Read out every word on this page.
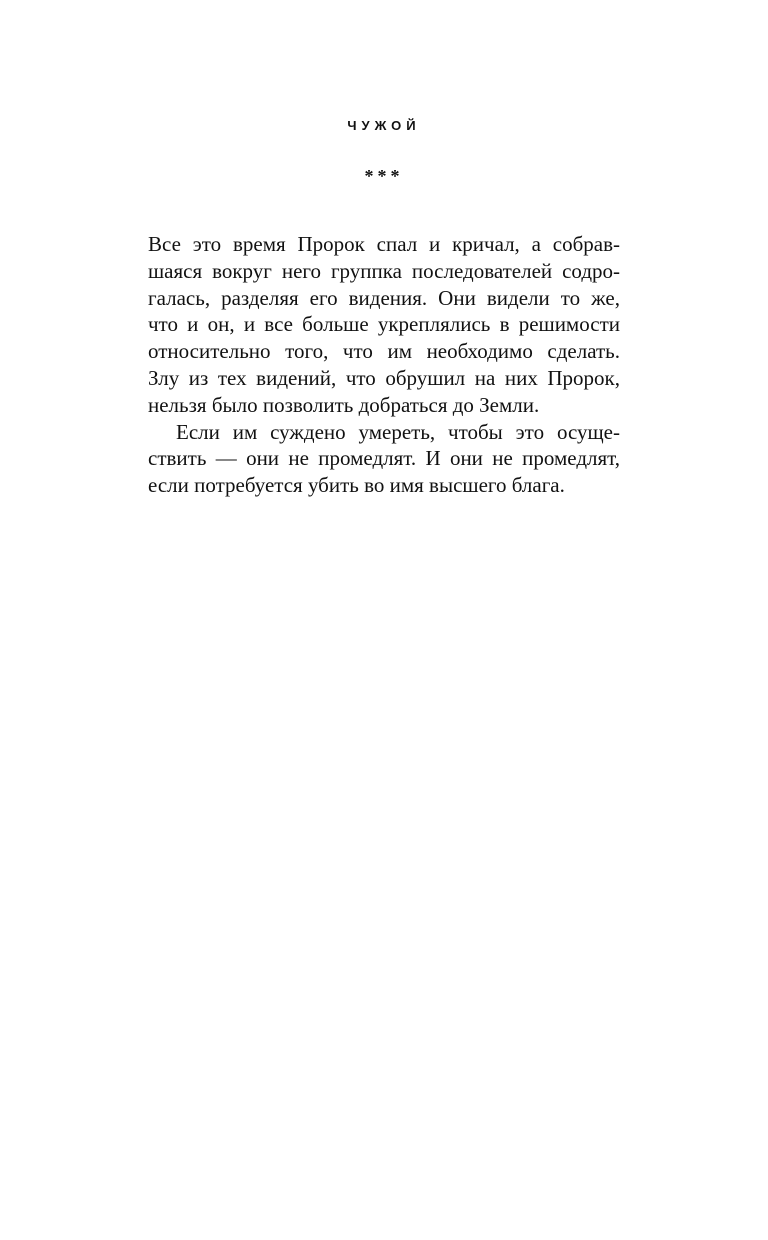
ЧУЖОЙ
***
Все это время Пророк спал и кричал, а собрав-
шаяся вокруг него группка последователей содро-
галась, разделяя его видения. Они видели то же,
что и он, и все больше укреплялись в решимости
относительно того, что им необходимо сделать.
Злу из тех видений, что обрушил на них Пророк,
нельзя было позволить добраться до Земли.
Если им суждено умереть, чтобы это осуще-
ствить — они не промедлят. И они не промедлят,
если потребуется убить во имя высшего блага.
